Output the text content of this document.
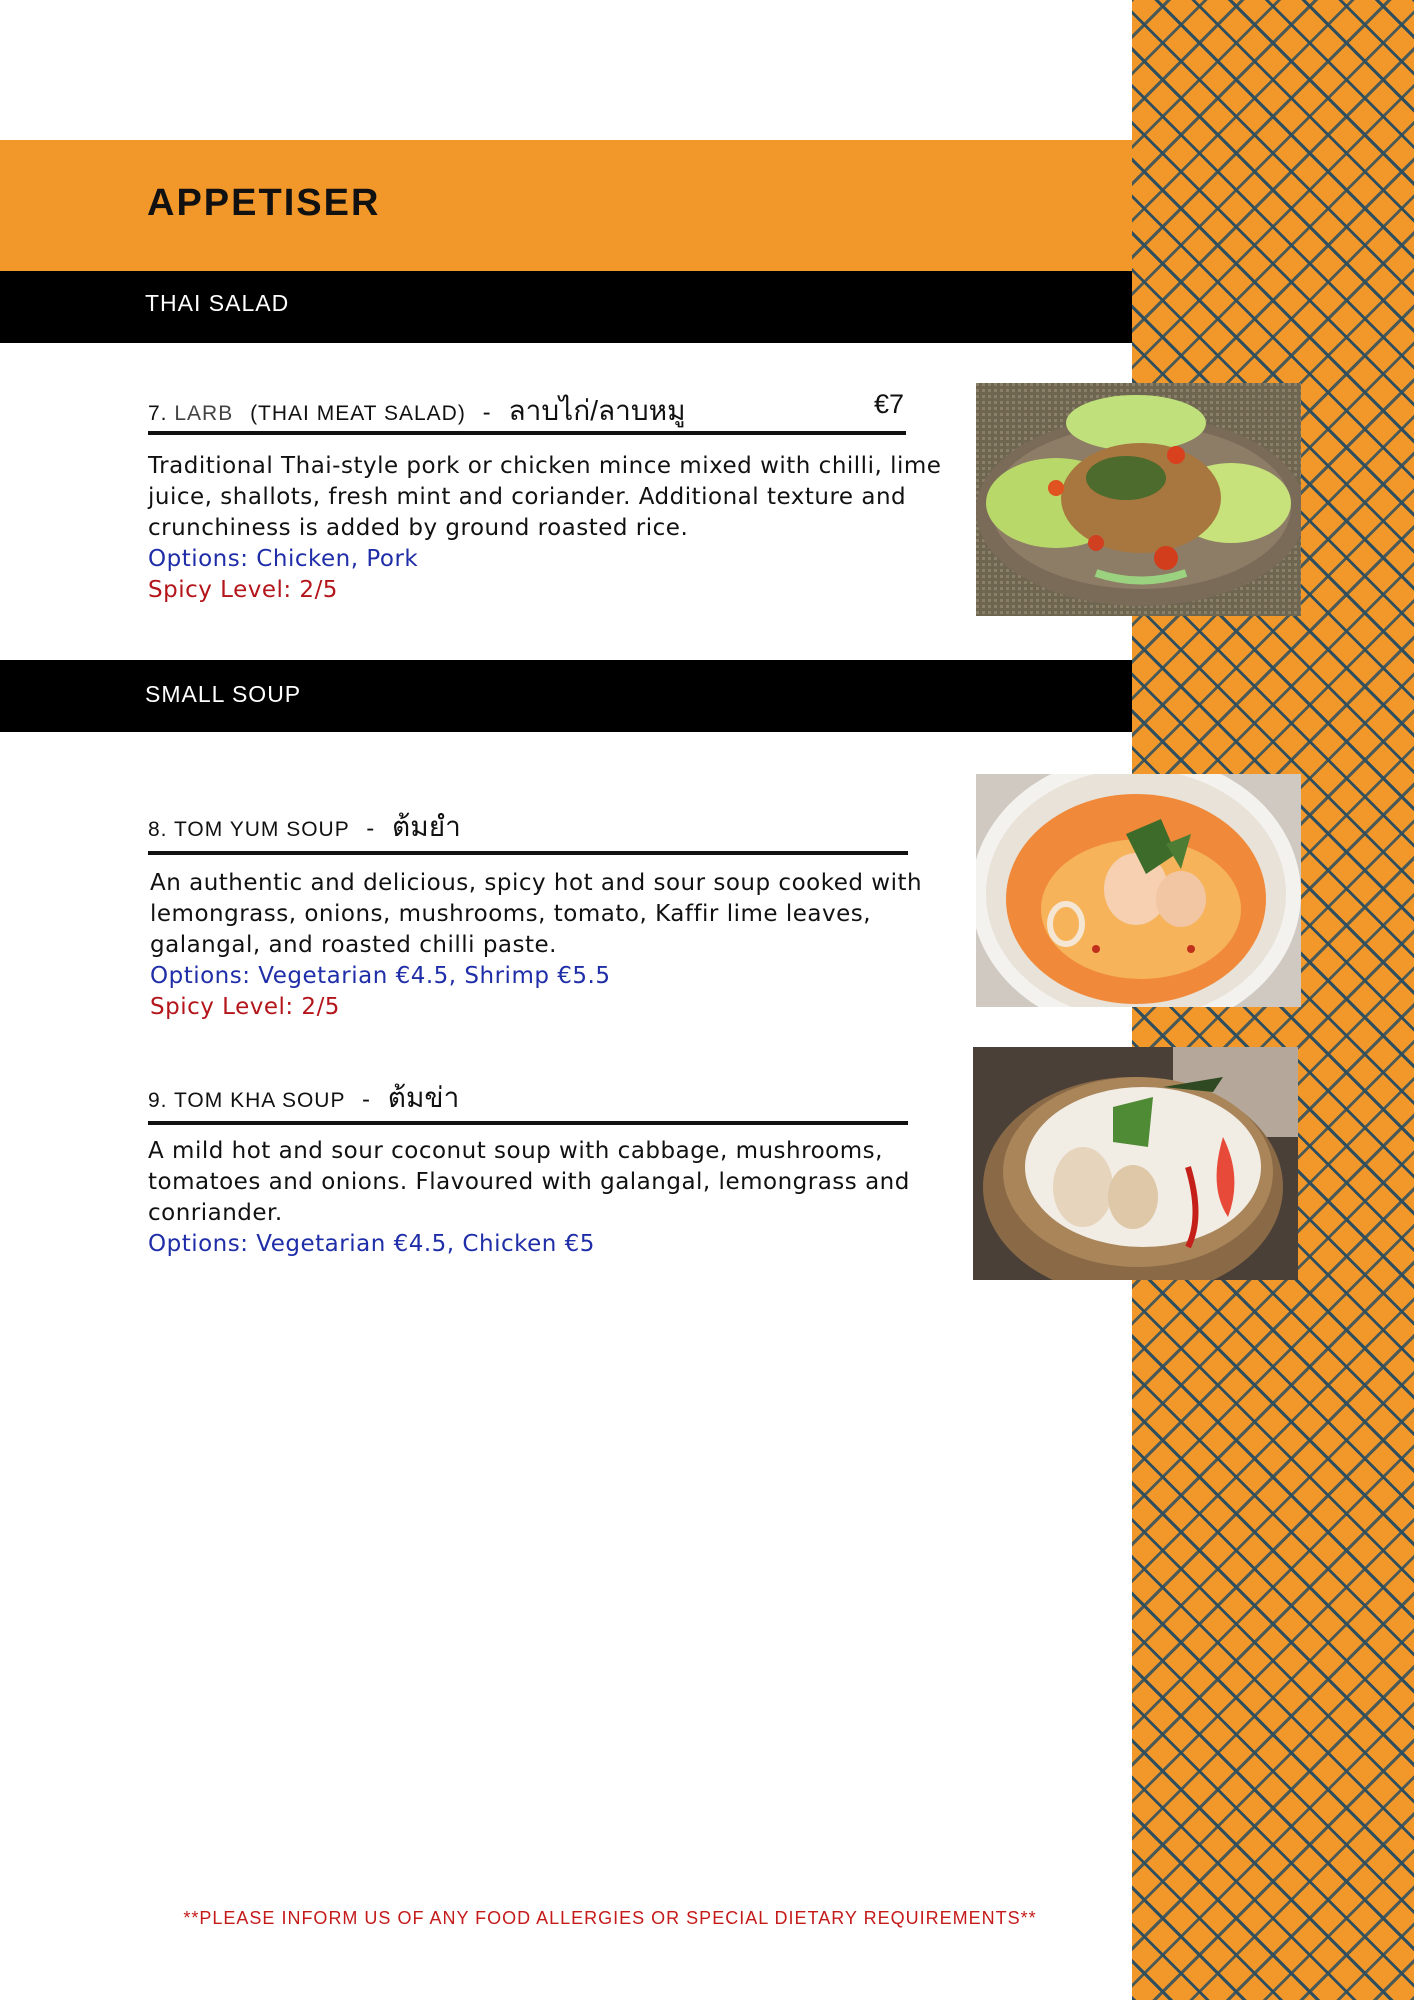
APPETISER
THAI SALAD
7. LARB (THAI MEAT SALAD) - ลาบไก่/ลาบหมู	€7

Traditional Thai-style pork or chicken mince mixed with chilli, lime juice, shallots, fresh mint and coriander. Additional texture and crunchiness is added by ground roasted rice.

Options: Chicken, Pork

Spicy Level: 2/5

SMALL SOUP
8. TOM YUM SOUP - ต้มยำ

An authentic and delicious, spicy hot and sour soup cooked with lemongrass, onions, mushrooms, tomato, Kaffir lime leaves, galangal, and roasted chilli paste.

Options: Vegetarian €4.5, Shrimp €5.5

Spicy Level: 2/5

9. TOM KHA SOUP - ต้มข่า

A mild hot and sour coconut soup with cabbage, mushrooms, tomatoes and onions. Flavoured with galangal, lemongrass and conriander.

Options: Vegetarian €4.5, Chicken €5

**PLEASE INFORM US OF ANY FOOD ALLERGIES OR SPECIAL DIETARY REQUIREMENTS**
